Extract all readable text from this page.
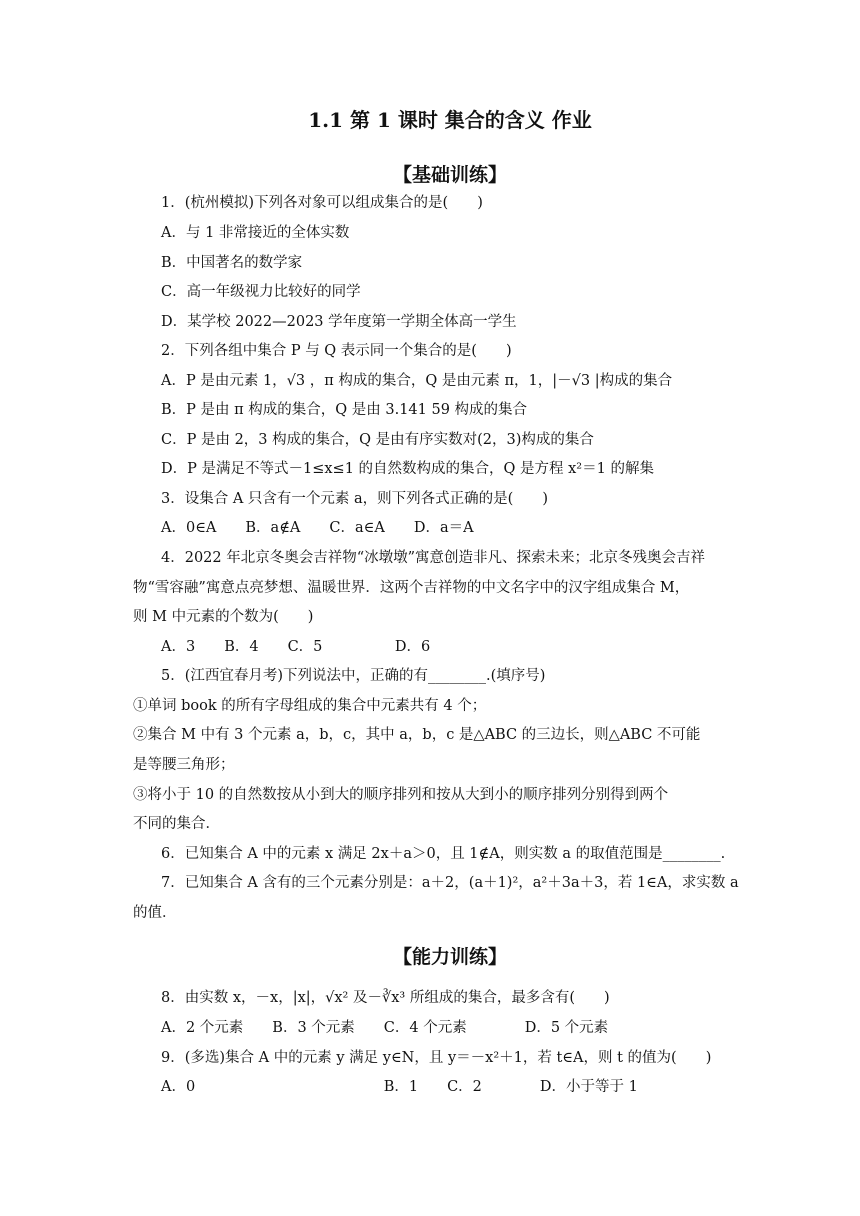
1.1 第 1 课时 集合的含义 作业
【基础训练】
1．(杭州模拟)下列各对象可以组成集合的是(　　)
A．与 1 非常接近的全体实数
B．中国著名的数学家
C．高一年级视力比较好的同学
D．某学校 2022—2023 学年度第一学期全体高一学生
2．下列各组中集合 P 与 Q 表示同一个集合的是(　　)
A．P 是由元素 1，√3 ，π 构成的集合，Q 是由元素 π，1，|－√3 |构成的集合
B．P 是由 π 构成的集合，Q 是由 3.141 59 构成的集合
C．P 是由 2，3 构成的集合，Q 是由有序实数对(2，3)构成的集合
D．P 是满足不等式－1≤x≤1 的自然数构成的集合，Q 是方程 x²＝1 的解集
3．设集合 A 只含有一个元素 a，则下列各式正确的是(　　)
A．0∈A　　B．a∉A　　C．a∈A　　D．a＝A
4．2022 年北京冬奥会吉祥物“冰墩墩”寓意创造非凡、探索未来；北京冬残奥会吉祥
物“雪容融”寓意点亮梦想、温暖世界．这两个吉祥物的中文名字中的汉字组成集合 M，
则 M 中元素的个数为(　　)
A．3　　B．4　　C．5　　　　　D．6
5．(江西宜春月考)下列说法中，正确的有________.(填序号)
①单词 book 的所有字母组成的集合中元素共有 4 个；
②集合 M 中有 3 个元素 a，b，c，其中 a，b，c 是△ABC 的三边长，则△ABC 不可能
是等腰三角形；
③将小于 10 的自然数按从小到大的顺序排列和按从大到小的顺序排列分别得到两个
不同的集合．
6．已知集合 A 中的元素 x 满足 2x＋a＞0，且 1∉A，则实数 a 的取值范围是________.
7．已知集合 A 含有的三个元素分别是：a＋2，(a＋1)²，a²＋3a＋3，若 1∈A，求实数 a
的值．
【能力训练】
8．由实数 x，－x，|x|，√x² 及－∛x³ 所组成的集合，最多含有(　　)
A．2 个元素　　B．3 个元素　　C．4 个元素　　　　D．5 个元素
9．(多选)集合 A 中的元素 y 满足 y∈N，且 y＝－x²＋1，若 t∈A，则 t 的值为(　　)
A．0　　　　　　　　　　　　　B．1　　C．2　　　　D．小于等于 1
